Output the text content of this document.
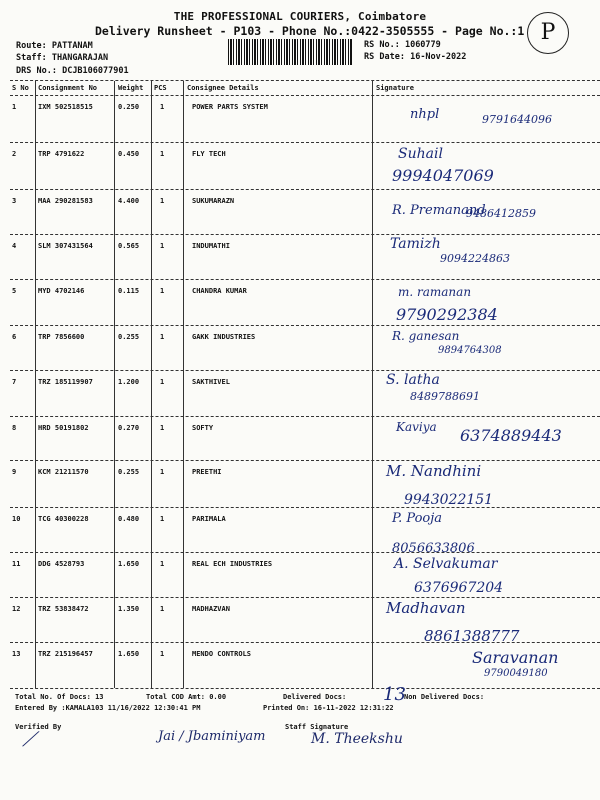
THE PROFESSIONAL COURIERS, Coimbatore
Delivery Runsheet - P103 - Phone No.:0422-3505555 - Page No.:1
Route: PATTANAM
Staff: THANGARAJAN
DRS No.: DCJB106077901
RS No.: 1060779
RS Date: 16-Nov-2022
P
S No Consignment No	Weight PCS	Consignee Details	Signature
1	IXM 502518515	0.250	1	POWER PARTS SYSTEM	nhpl	9791644096
2	TRP 4791622	0.450	1	FLY TECH	Suhail
9994047069
3	MAA 290281583	4.400	1	SUKUMARAZN
R. Premanand
9486412859
4	SLM 307431564	0.565	1	INDUMATHI	Tamizh
9094224863
5	MYD 4702146	0.115	1	CHANDRA KUMAR	m. ramanan
9790292384
6	TRP 7856600	0.255	1	GAKK INDUSTRIES	R. ganesan
9894764308
7	TRZ 185119907	1.200	1	SAKTHIVEL	S. latha
8489788691
8	HRD 50191802	0.270	1	SOFTY	Kaviya 6374889443
9	KCM 21211570	0.255	1	PREETHI	M. Nandhini
9943022151
10	TCG 40300228	0.480	1	PARIMALA	P. Pooja
8056633806
11	DDG 4528793	1.650	1	REAL ECH INDUSTRIES	A. Selvakumar
6376967204
12	TRZ 53838472	1.350	1	MADHAZVAN	Madhavan
8861388777
13	TRZ 215196457	1.650	1	MENDO CONTROLS	Saravanan
9790049180
Total No. Of Docs: 13	Total COD Amt: 0.00	Delivered Docs: 13
Non Delivered Docs:
Entered By :KAMALA103 11/16/2022 12:30:41 PM	Printed On: 16-11-2022 12:31:22
Verified By	Staff Signature
⟋	Jai / Jbaminiyam	M. Theekshu
